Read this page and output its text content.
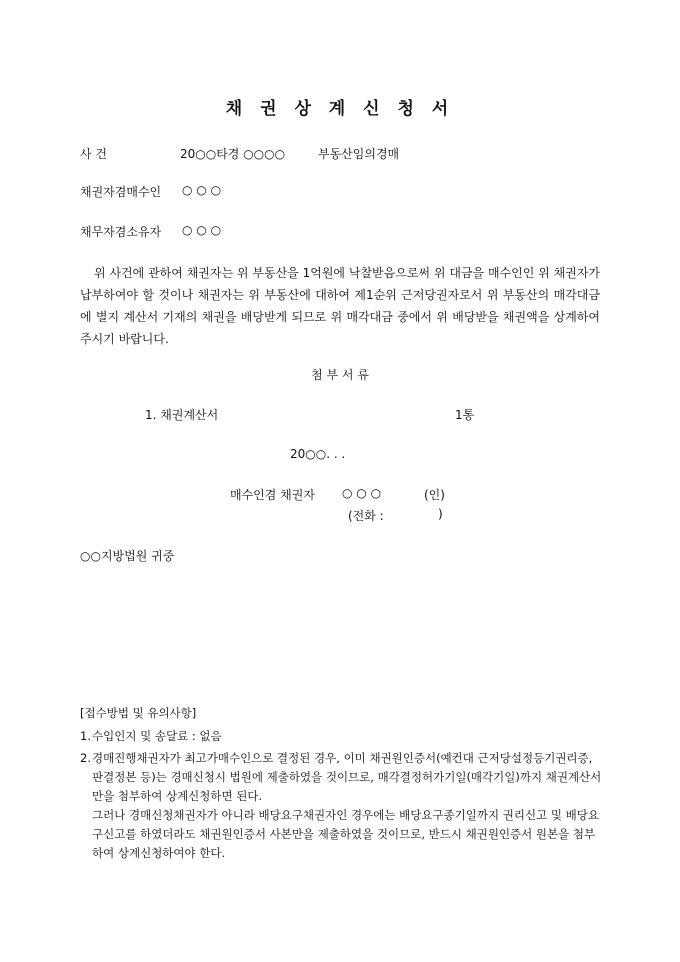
채 권 상 계 신 청 서
사 건	20○○타경 ○○○○	부동산임의경매
채권자겸매수인 ○ ○ ○
채무자겸소유자 ○ ○ ○
위 사건에 관하여 채권자는 위 부동산을 1억원에 낙찰받음으로써 위 대금을 매수인인 위 채권자가 납부하여야 할 것이나 채권자는 위 부동산에 대하여 제1순위 근저당권자로서 위 부동산의 매각대금에 별지 계산서 기재의 채권을 배당받게 되므로 위 매각대금 중에서 위 배당받을 채권액을 상계하여 주시기 바랍니다.
첨 부 서 류
1. 채권계산서	1통
20○○. . .
매수인겸 채권자 ○ ○ ○	(인)
(전화 :	)
○○지방법원 귀중
[접수방법 및 유의사항]
1. 수입인지 및 송달료 : 없음
2. 경매진행채권자가 최고가매수인으로 결정된 경우, 이미 채권원인증서(예컨대 근저당설정등기권리증, 판결정본 등)는 경매신청시 법원에 제출하였을 것이므로, 매각결정허가기일(매각기일)까지 채권계산서만을 첨부하여 상계신청하면 된다.
그러나 경매신청채권자가 아니라 배당요구채권자인 경우에는 배당요구종기일까지 권리신고 및 배당요구신고를 하였더라도 채권원인증서 사본만을 제출하였을 것이므로, 반드시 채권원인증서 원본을 첨부하여 상계신청하여야 한다.
